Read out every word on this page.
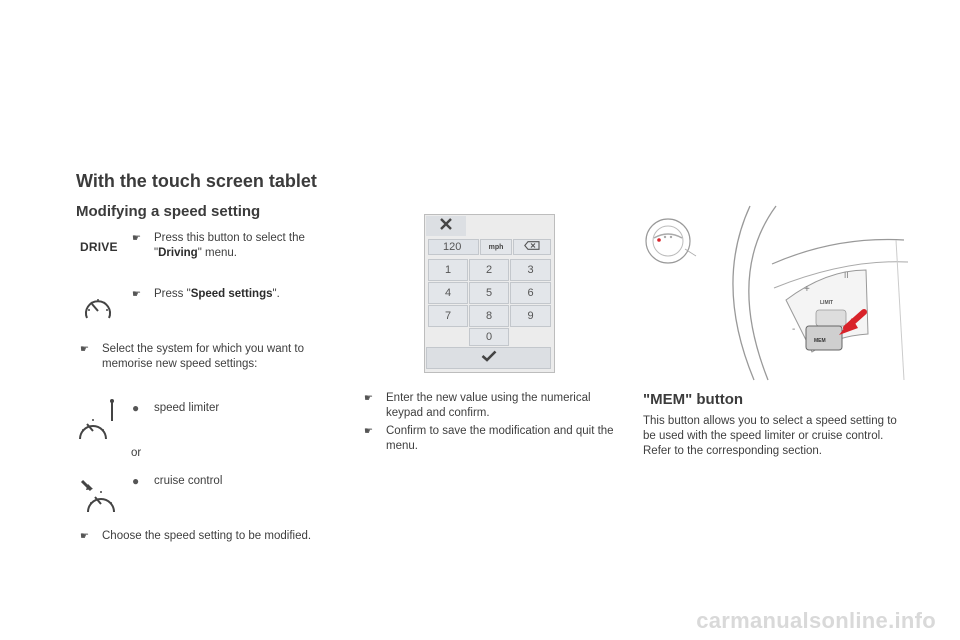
With the touch screen tablet
Modifying a speed setting
DRIVE
☛	Press this button to select the "Driving" menu.
☛	Press "Speed settings".
☛	Select the system for which you want to memorise new speed settings:
●	speed limiter
or
●	cruise control
☛	Choose the speed setting to be modified.
120	mph
1	2	3
4	5	6
7	8	9
0
☛	Enter the new value using the numerical keypad and confirm.
☛	Confirm to save the modification and quit the menu.
+
II
-
LIMIT
MEM
"MEM" button
This button allows you to select a speed setting to be used with the speed limiter or cruise control.
Refer to the corresponding section.
carmanualsonline.info
